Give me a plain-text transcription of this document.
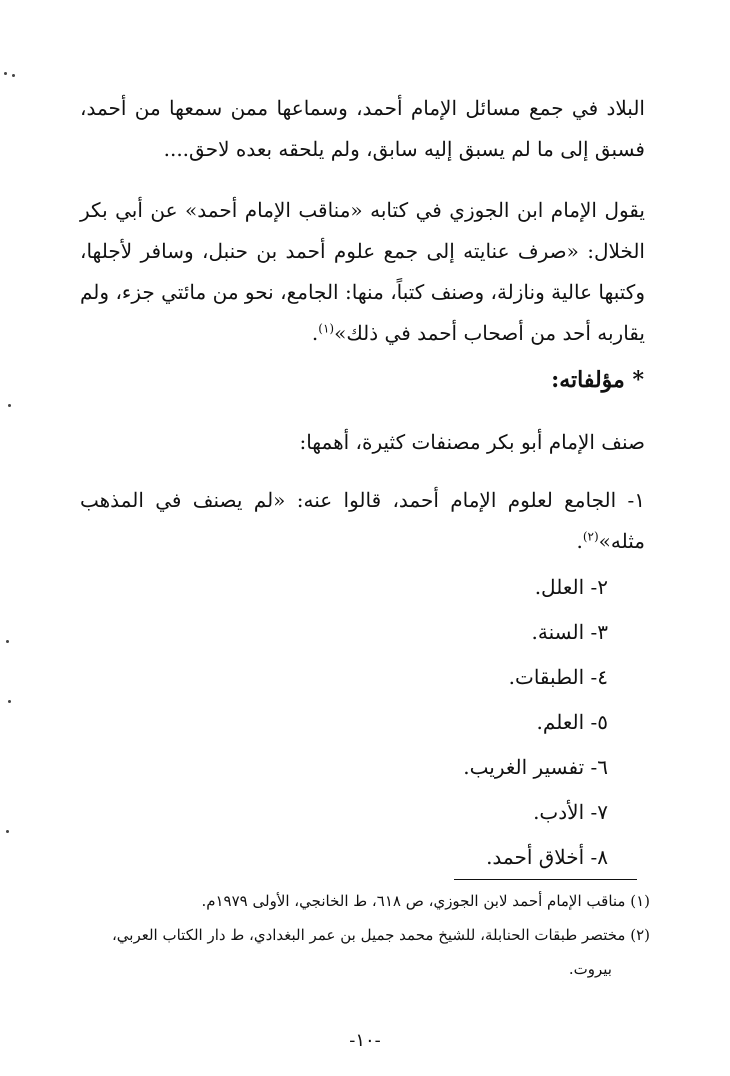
البلاد في جمع مسائل الإمام أحمد، وسماعها ممن سمعها من أحمد، فسبق إلى ما لم يسبق إليه سابق، ولم يلحقه بعده لاحق....

يقول الإمام ابن الجوزي في كتابه «مناقب الإمام أحمد» عن أبي بكر الخلال: «صرف عنايته إلى جمع علوم أحمد بن حنبل، وسافر لأجلها، وكتبها عالية ونازلة، وصنف كتباً، منها: الجامع، نحو من مائتي جزء، ولم يقاربه أحد من أصحاب أحمد في ذلك»$^{(١)}$.

* مؤلفاته:

صنف الإمام أبو بكر مصنفات كثيرة، أهمها:

١- الجامع لعلوم الإمام أحمد، قالوا عنه: «لم يصنف في المذهب مثله»$^{(٢)}$.

٢- العلل.
٣- السنة.
٤- الطبقات.
٥- العلم.
٦- تفسير الغريب.
٧- الأدب.
٨- أخلاق أحمد.

(١) مناقب الإمام أحمد لابن الجوزي، ص ٦١٨، ط الخانجي، الأولى ١٩٧٩م.

(٢) مختصر طبقات الحنابلة، للشيخ محمد جميل بن عمر البغدادي، ط دار الكتاب العربي،

بيروت.

-١٠-
